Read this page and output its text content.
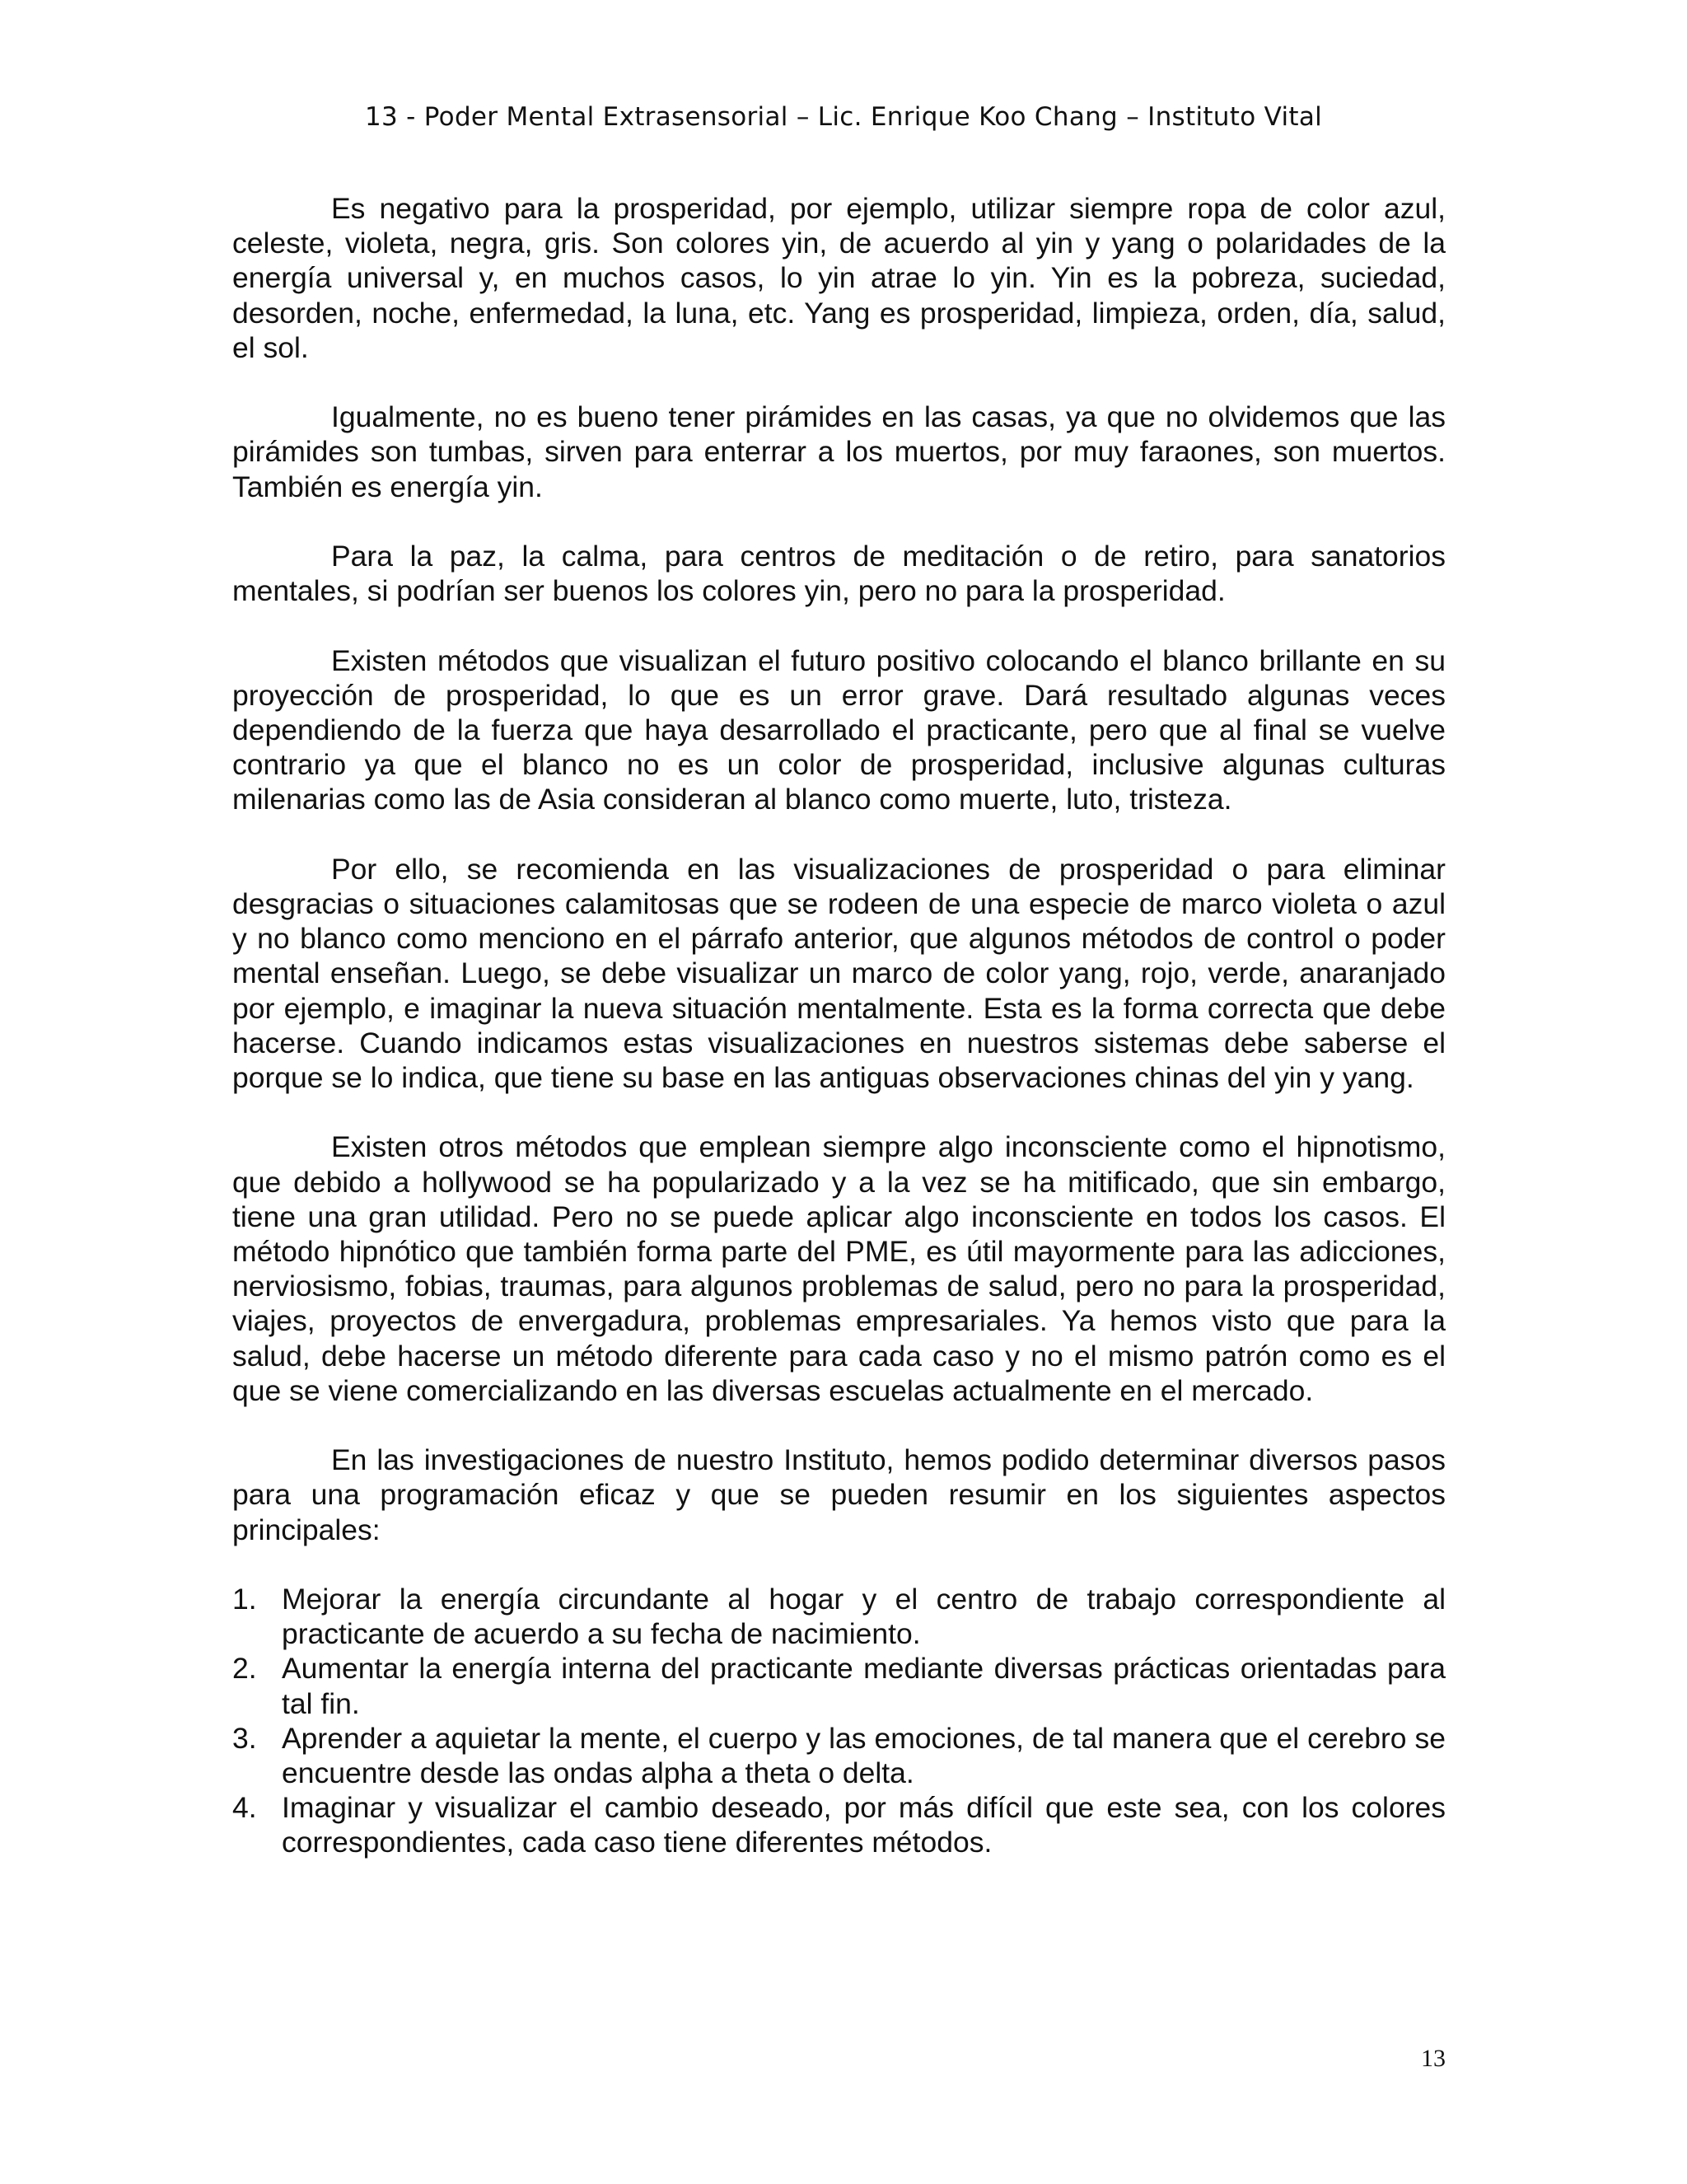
13 - Poder Mental Extrasensorial – Lic. Enrique Koo Chang – Instituto Vital

Es negativo para la prosperidad, por ejemplo, utilizar siempre ropa de color azul, celeste, violeta, negra, gris. Son colores yin, de acuerdo al yin y yang o polaridades de la energía universal y, en muchos casos, lo yin atrae lo yin. Yin es la pobreza, suciedad, desorden, noche, enfermedad, la luna, etc. Yang es prosperidad, limpieza, orden, día, salud, el sol.

Igualmente, no es bueno tener pirámides en las casas, ya que no olvidemos que las pirámides son tumbas, sirven para enterrar a los muertos, por muy faraones, son muertos. También es energía yin.

Para la paz, la calma, para centros de meditación o de retiro, para sanatorios mentales, si podrían ser buenos los colores yin, pero no para la prosperidad.

Existen métodos que visualizan el futuro positivo colocando el blanco brillante en su proyección de prosperidad, lo que es un error grave. Dará resultado algunas veces dependiendo de la fuerza que haya desarrollado el practicante, pero que al final se vuelve contrario ya que el blanco no es un color de prosperidad, inclusive algunas culturas milenarias como las de Asia consideran al blanco como muerte, luto, tristeza.

Por ello, se recomienda en las visualizaciones de prosperidad o para eliminar desgracias o situaciones calamitosas que se rodeen de una especie de marco violeta o azul y no blanco como menciono en el párrafo anterior, que algunos métodos de control o poder mental enseñan. Luego, se debe visualizar un marco de color yang, rojo, verde, anaranjado por ejemplo, e imaginar la nueva situación mentalmente. Esta es la forma correcta que debe hacerse. Cuando indicamos estas visualizaciones en nuestros sistemas debe saberse el porque se lo indica, que tiene su base en las antiguas observaciones chinas del yin y yang.

Existen otros métodos que emplean siempre algo inconsciente como el hipnotismo, que debido a hollywood se ha popularizado y a la vez se ha mitificado, que sin embargo, tiene una gran utilidad. Pero no se puede aplicar algo inconsciente en todos los casos. El método hipnótico que también forma parte del PME, es útil mayormente para las adicciones, nerviosismo, fobias, traumas, para algunos problemas de salud, pero no para la prosperidad, viajes, proyectos de envergadura, problemas empresariales. Ya hemos visto que para la salud, debe hacerse un método diferente para cada caso y no el mismo patrón como es el que se viene comercializando en las diversas escuelas actualmente en el mercado.

En las investigaciones de nuestro Instituto, hemos podido determinar diversos pasos para una programación eficaz y que se pueden resumir en los siguientes aspectos principales:

1. Mejorar la energía circundante al hogar y el centro de trabajo correspondiente al practicante de acuerdo a su fecha de nacimiento.
2. Aumentar la energía interna del practicante mediante diversas prácticas orientadas para tal fin.
3. Aprender a aquietar la mente, el cuerpo y las emociones, de tal manera que el cerebro se encuentre desde las ondas alpha a theta o delta.
4. Imaginar y visualizar el cambio deseado, por más difícil que este sea, con los colores correspondientes, cada caso tiene diferentes métodos.
13
